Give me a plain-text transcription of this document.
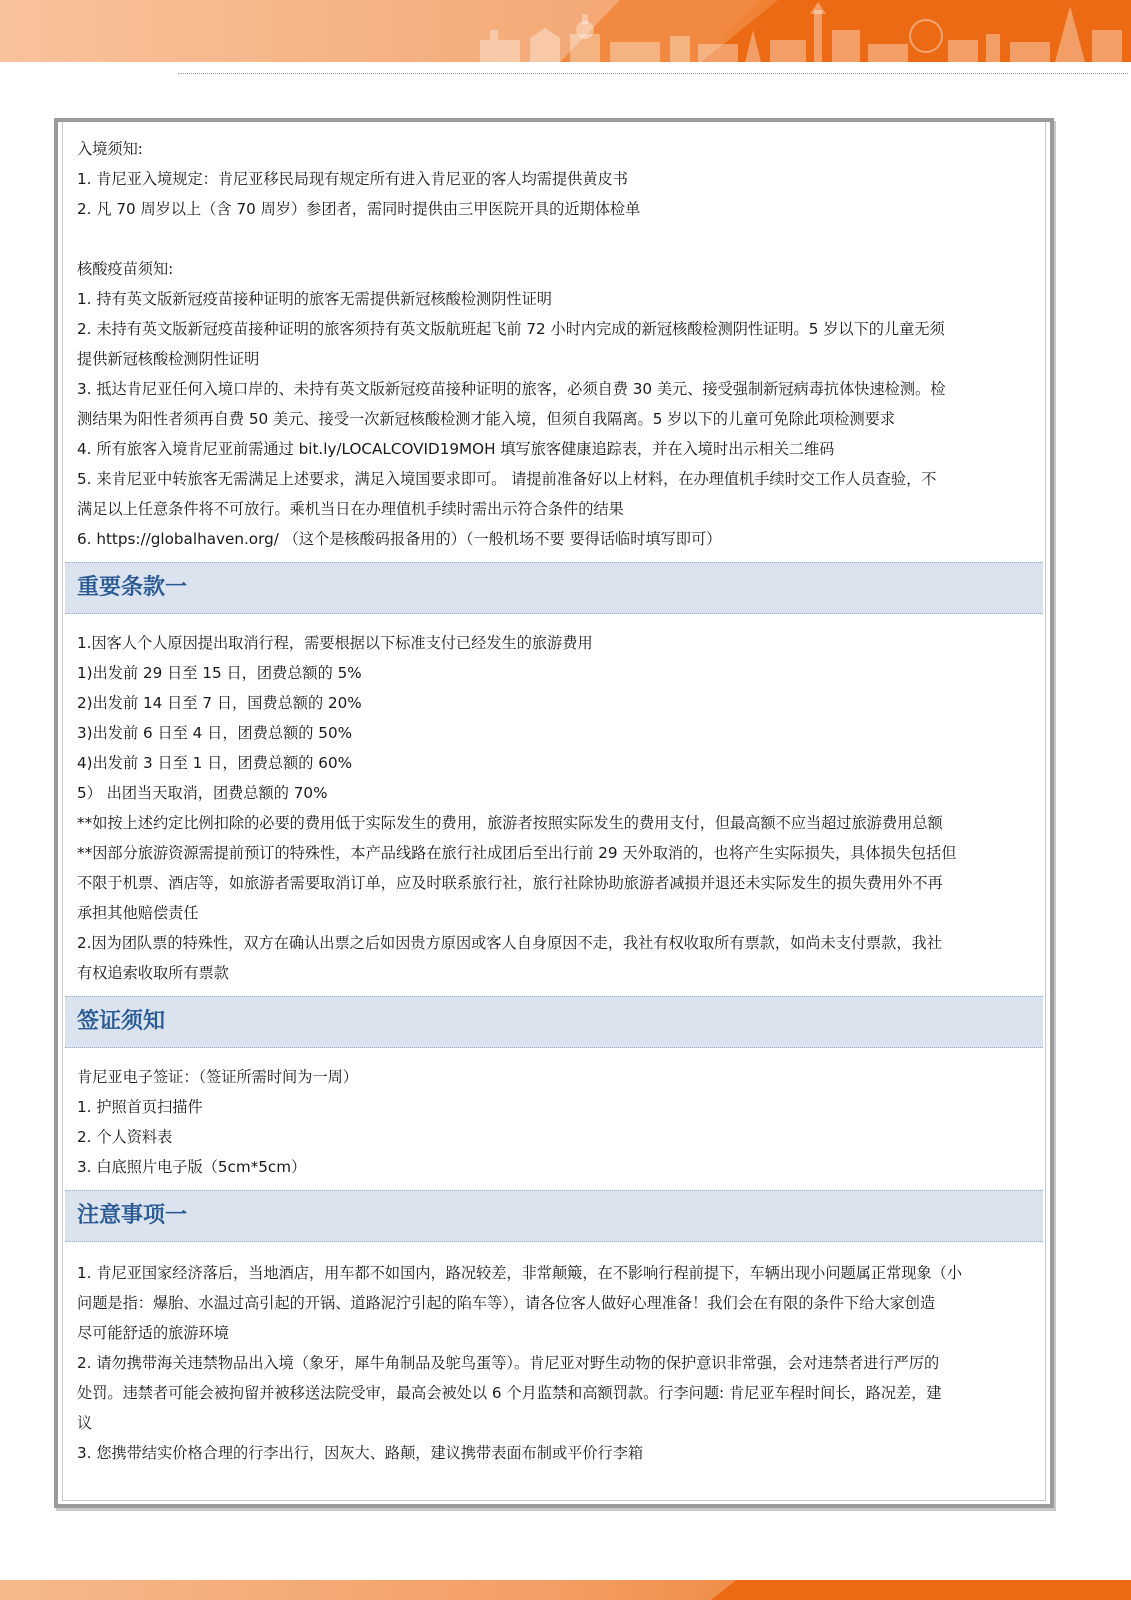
入境须知:
1. 肯尼亚入境规定：肯尼亚移民局现有规定所有进入肯尼亚的客人均需提供黄皮书
2. 凡 70 周岁以上（含 70 周岁）参团者，需同时提供由三甲医院开具的近期体检单
核酸疫苗须知:
1. 持有英文版新冠疫苗接种证明的旅客无需提供新冠核酸检测阴性证明
2. 未持有英文版新冠疫苗接种证明的旅客须持有英文版航班起飞前 72 小时内完成的新冠核酸检测阴性证明。5 岁以下的儿童无须
提供新冠核酸检测阴性证明
3. 抵达肯尼亚任何入境口岸的、未持有英文版新冠疫苗接种证明的旅客，必须自费 30 美元、接受强制新冠病毒抗体快速检测。检
测结果为阳性者须再自费 50 美元、接受一次新冠核酸检测才能入境，但须自我隔离。5 岁以下的儿童可免除此项检测要求
4. 所有旅客入境肯尼亚前需通过 bit.ly/LOCALCOVID19MOH 填写旅客健康追踪表，并在入境时出示相关二维码
5. 来肯尼亚中转旅客无需满足上述要求，满足入境国要求即可。 请提前准备好以上材料，在办理值机手续时交工作人员查验，不
满足以上任意条件将不可放行。乘机当日在办理值机手续时需出示符合条件的结果
6. https://globalhaven.org/ （这个是核酸码报备用的）（一般机场不要 要得话临时填写即可）
重要条款一
1.因客人个人原因提出取消行程，需要根据以下标准支付已经发生的旅游费用
1)出发前 29 日至 15 日，团费总额的 5%
2)出发前 14 日至 7 日，国费总额的 20%
3)出发前 6 日至 4 日，团费总额的 50%
4)出发前 3 日至 1 日，团费总额的 60%
5） 出团当天取消，团费总额的 70%
**如按上述约定比例扣除的必要的费用低于实际发生的费用，旅游者按照实际发生的费用支付，但最高额不应当超过旅游费用总额
**因部分旅游资源需提前预订的特殊性，本产品线路在旅行社成团后至出行前 29 天外取消的，也将产生实际损失，具体损失包括但
不限于机票、酒店等，如旅游者需要取消订单，应及时联系旅行社，旅行社除协助旅游者减损并退还未实际发生的损失费用外不再
承担其他赔偿责任
2.因为团队票的特殊性，双方在确认出票之后如因贵方原因或客人自身原因不走，我社有权收取所有票款，如尚未支付票款，我社
有权追索收取所有票款
签证须知
肯尼亚电子签证：（签证所需时间为一周）
1. 护照首页扫描件
2. 个人资料表
3. 白底照片电子版（5cm*5cm）
注意事项一
1. 肯尼亚国家经济落后，当地酒店，用车都不如国内，路况较差，非常颠簸，在不影响行程前提下，车辆出现小问题属正常现象（小
问题是指：爆胎、水温过高引起的开锅、道路泥泞引起的陷车等），请各位客人做好心理准备！我们会在有限的条件下给大家创造
尽可能舒适的旅游环境
2. 请勿携带海关违禁物品出入境（象牙，犀牛角制品及鸵鸟蛋等）。肯尼亚对野生动物的保护意识非常强，会对违禁者进行严厉的
处罚。违禁者可能会被拘留并被移送法院受审，最高会被处以 6 个月监禁和高额罚款。行李问题: 肯尼亚车程时间长，路况差，建
议
3. 您携带结实价格合理的行李出行，因灰大、路颠，建议携带表面布制或平价行李箱
